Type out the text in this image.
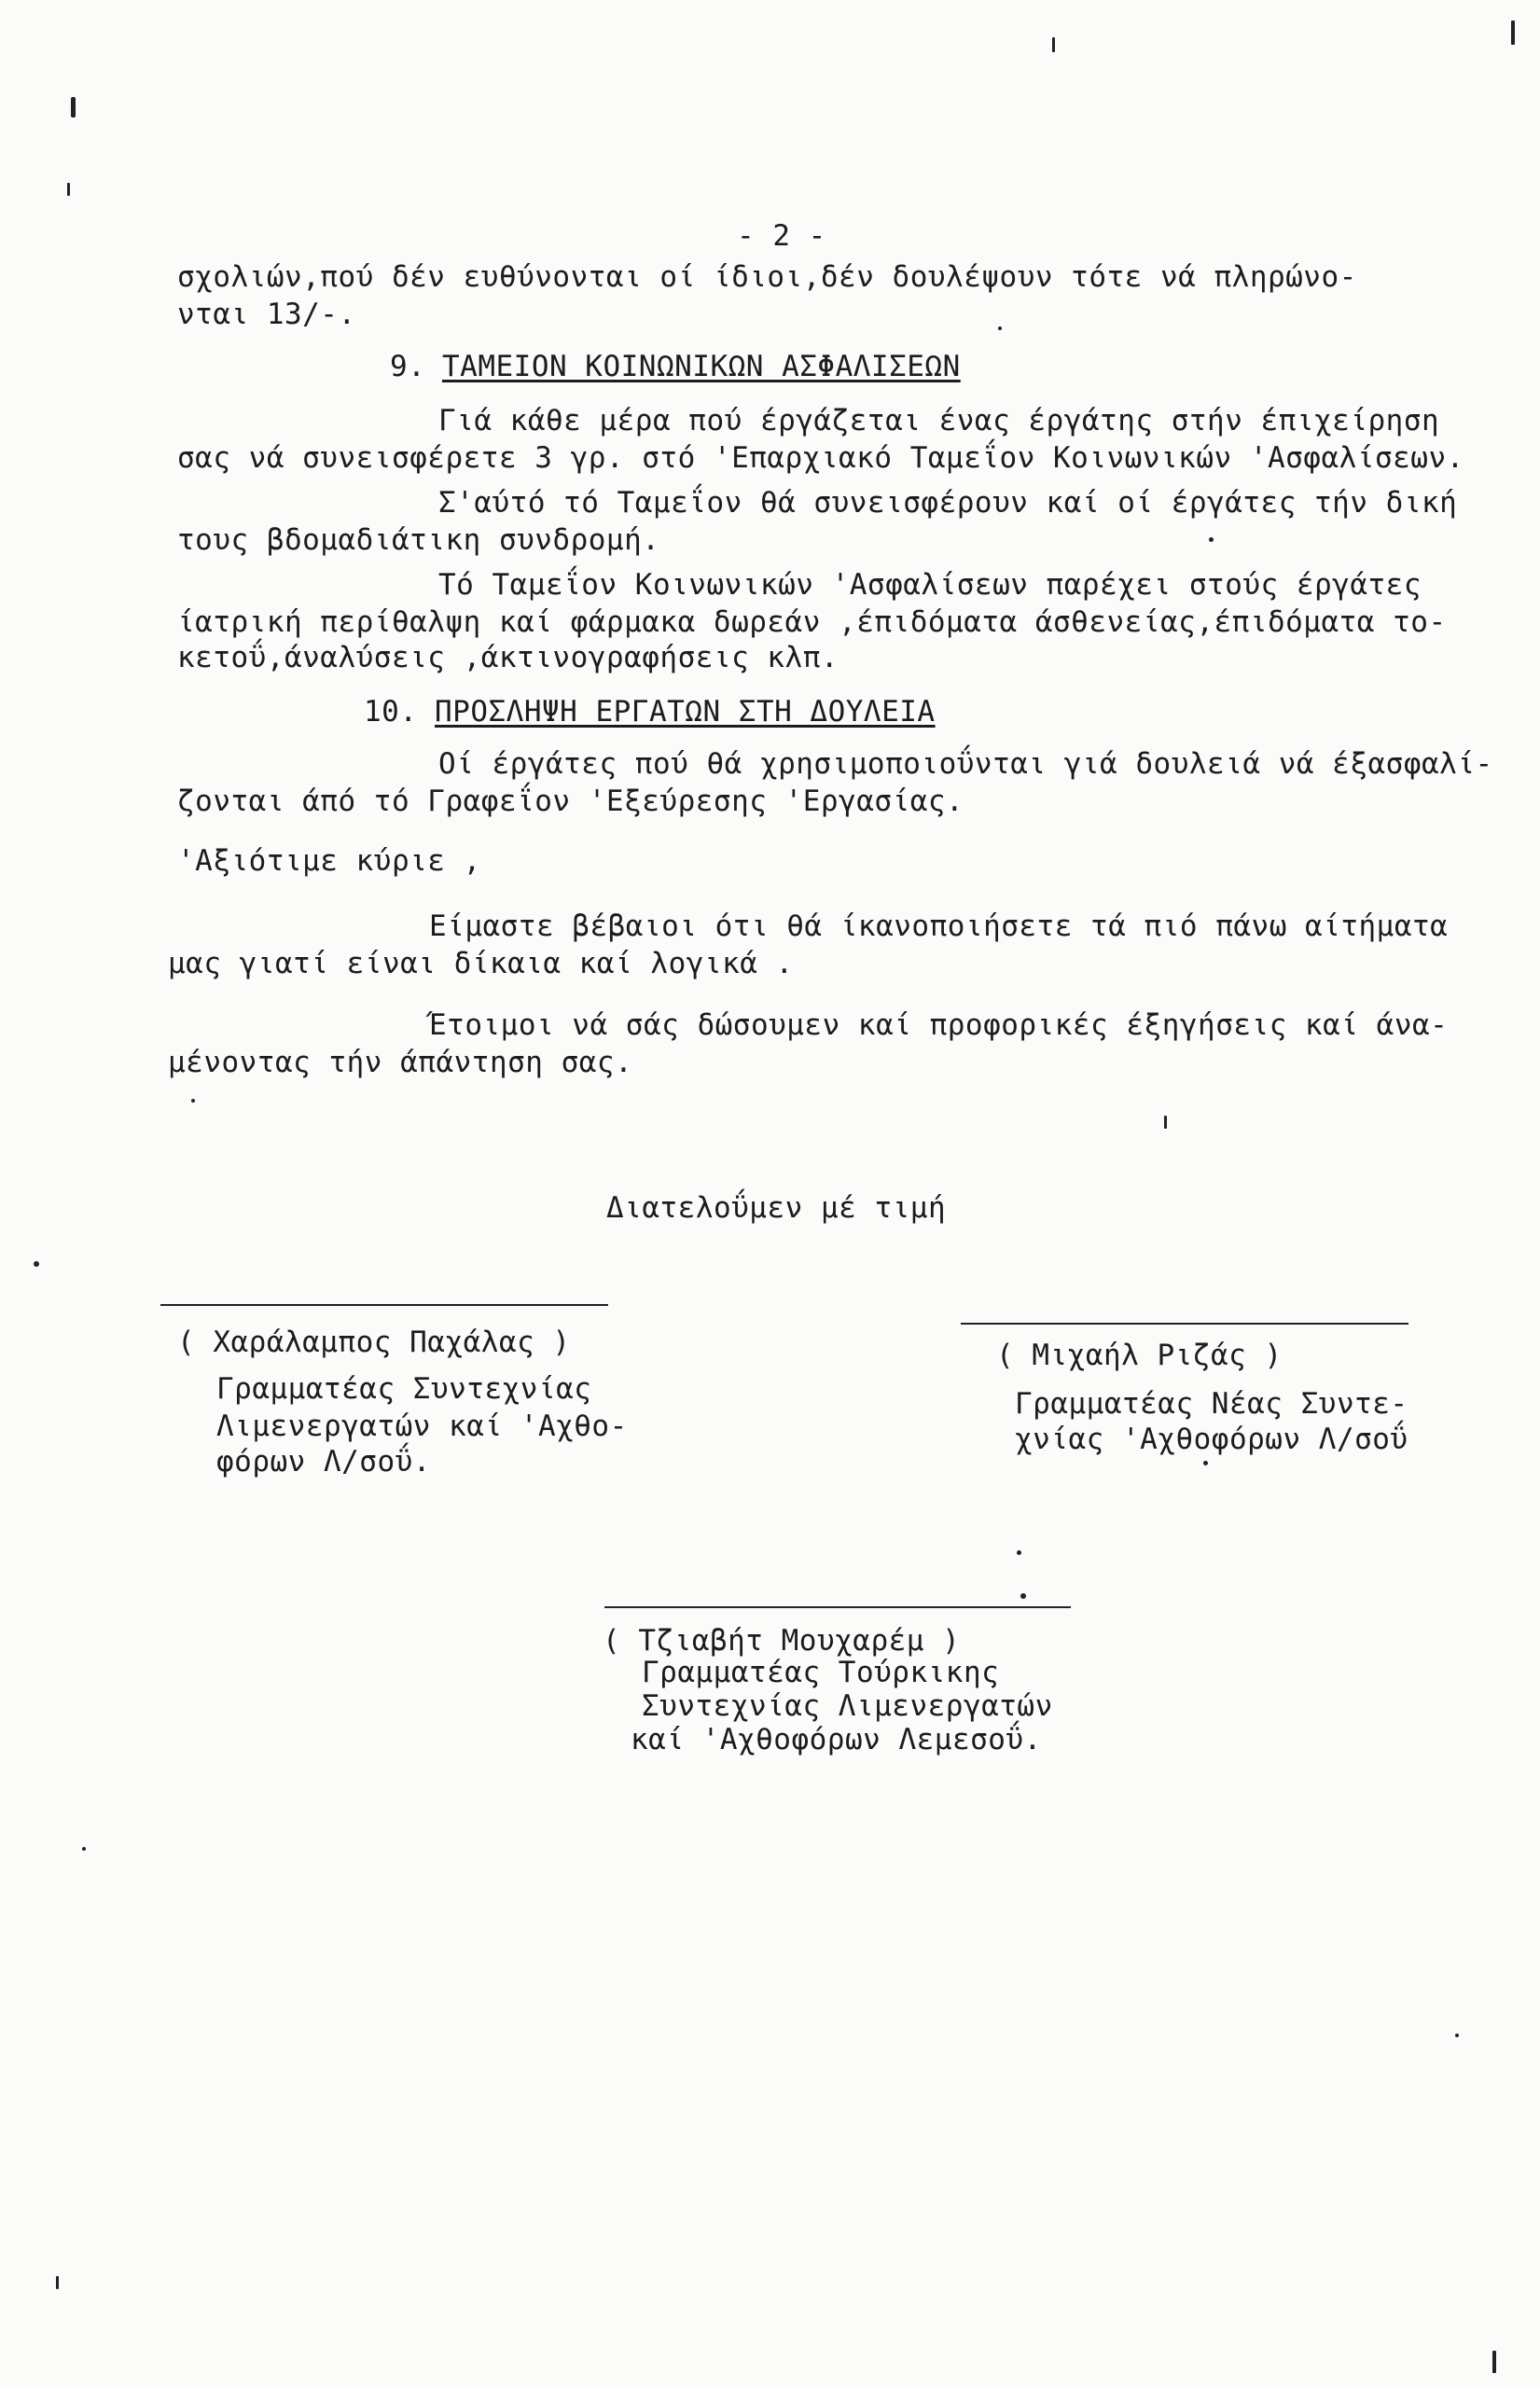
- 2 -
σχολιών,πού δέν ευθύνονται οί ίδιοι,δέν δουλέψουν τότε νά πληρώνο-
νται 13/-.
9. ΤΑΜΕΙΟΝ ΚΟΙΝΩΝΙΚΩΝ ΑΣΦΑΛΙΣΕΩΝ
Γιά κάθε μέρα πού έργάζεται ένας έργάτης στήν έπιχείρηση
σας νά συνεισφέρετε 3 γρ. στό 'Επαρχιακό Ταμεΐον Κοινωνικών 'Ασφαλίσεων.
Σ'αύτό τό Ταμεΐον θά συνεισφέρουν καί οί έργάτες τήν δική
τους βδομαδιάτικη συνδρομή.
Τό Ταμεΐον Κοινωνικών 'Ασφαλίσεων παρέχει στούς έργάτες
ίατρική περίθαλψη καί φάρμακα δωρεάν ,έπιδόματα άσθενείας,έπιδόματα το-
κετοΰ,άναλύσεις ,άκτινογραφήσεις κλπ.
10. ΠΡΟΣΛΗΨΗ ΕΡΓΑΤΩΝ ΣΤΗ ΔΟΥΛΕΙΑ
Οί έργάτες πού θά χρησιμοποιοΰνται γιά δουλειά νά έξασφαλί-
ζονται άπό τό Γραφεΐον 'Εξεύρεσης 'Εργασίας.
'Αξιότιμε κύριε ,
Είμαστε βέβαιοι ότι θά ίκανοποιήσετε τά πιό πάνω αίτήματα
μας γιατί είναι δίκαια καί λογικά .
Έτοιμοι νά σάς δώσουμεν καί προφορικές έξηγήσεις καί άνα-
μένοντας τήν άπάντηση σας.
Διατελοΰμεν μέ τιμή
( Χαράλαμπος Παχάλας )
Γραμματέας Συντεχνίας
Λιμενεργατών καί 'Αχθο-
φόρων Λ/σοΰ.
( Μιχαήλ Ριζάς )
Γραμματέας Νέας Συντε-
χνίας 'Αχθοφόρων Λ/σοΰ
( Τζιαβήτ Μουχαρέμ )
Γραμματέας Τούρκικης
Συντεχνίας Λιμενεργατών
καί 'Αχθοφόρων Λεμεσοΰ.
